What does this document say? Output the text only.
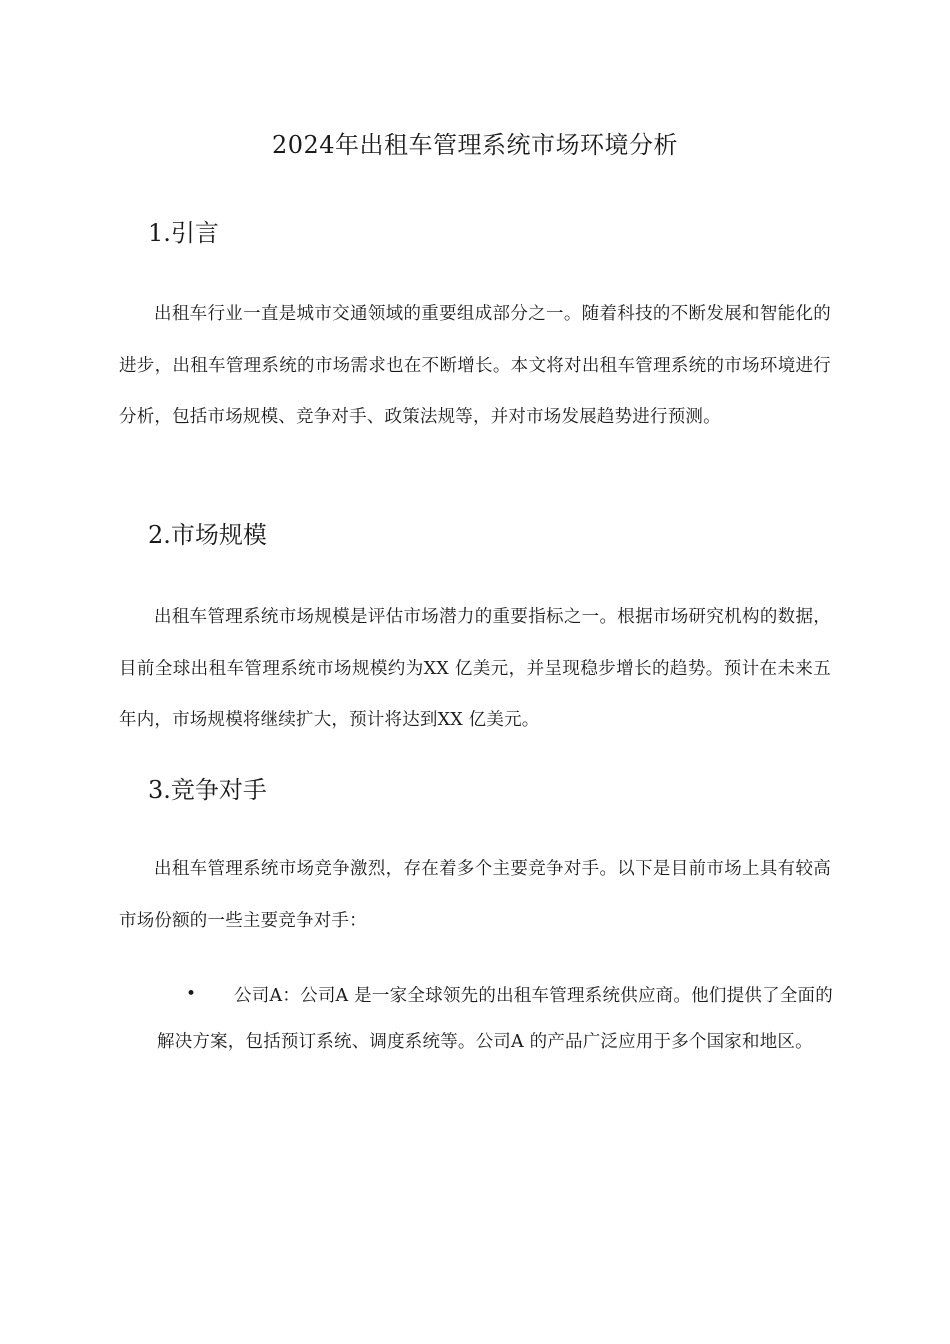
2024年出租车管理系统市场环境分析
1.引言

出租车行业一直是城市交通领域的重要组成部分之一。随着科技的不断发展和智能化的进步，出租车管理系统的市场需求也在不断增长。本文将对出租车管理系统的市场环境进行分析，包括市场规模、竞争对手、政策法规等，并对市场发展趋势进行预测。

2.市场规模

出租车管理系统市场规模是评估市场潜力的重要指标之一。根据市场研究机构的数据，目前全球出租车管理系统市场规模约为XX 亿美元，并呈现稳步增长的趋势。预计在未来五年内，市场规模将继续扩大，预计将达到XX 亿美元。

3.竞争对手

出租车管理系统市场竞争激烈，存在着多个主要竞争对手。以下是目前市场上具有较高市场份额的一些主要竞争对手：

•	公司A：公司A 是一家全球领先的出租车管理系统供应商。他们提供了全面的解决方案，包括预订系统、调度系统等。公司A 的产品广泛应用于多个国家和地区。
